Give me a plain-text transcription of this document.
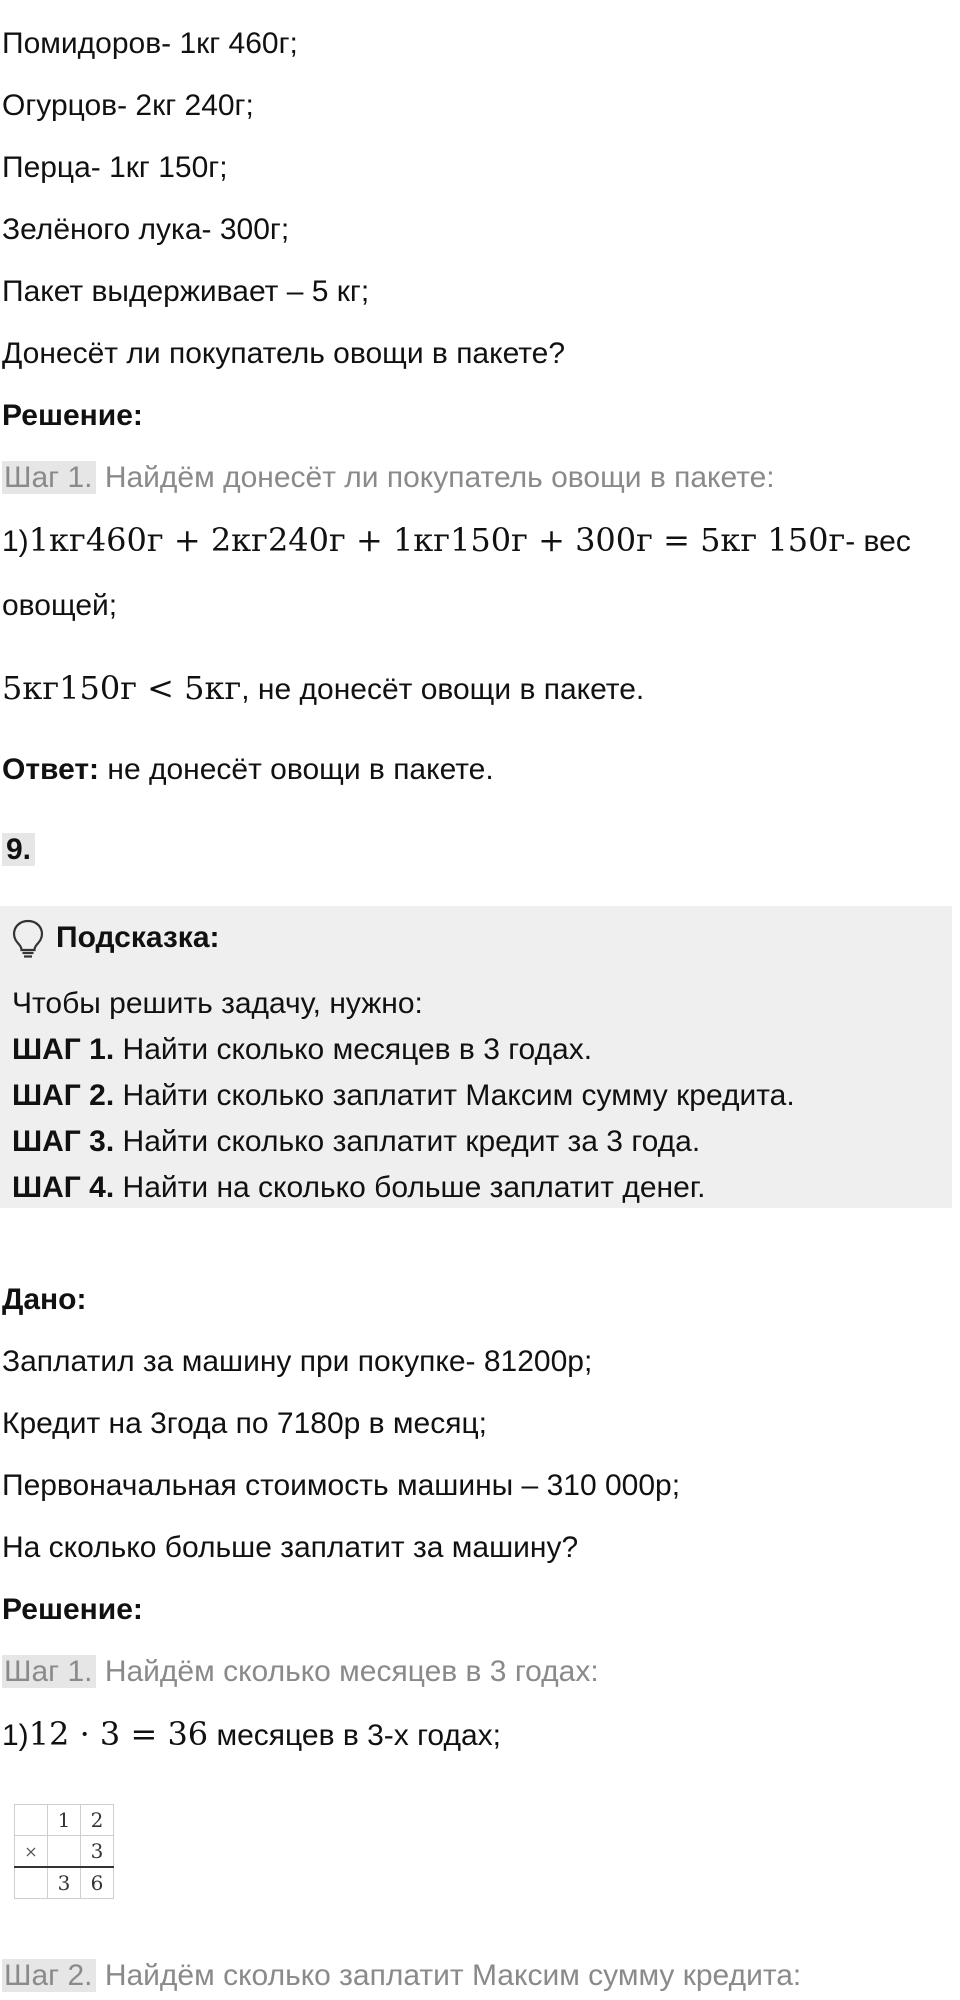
Помидоров- 1кг 460г;
Огурцов- 2кг 240г;
Перца- 1кг 150г;
Зелёного лука- 300г;
Пакет выдерживает – 5 кг;
Донесёт ли покупатель овощи в пакете?
Решение:
Шаг 1. Найдём донесёт ли покупатель овощи в пакете:
1)1кг460г + 2кг240г + 1кг150г + 300г = 5кг 150г- вес
овощей;
5кг150г < 5кг, не донесёт овощи в пакете.
Ответ: не донесёт овощи в пакете.
9.
Подсказка:
Чтобы решить задачу, нужно:
ШАГ 1. Найти сколько месяцев в 3 годах.
ШАГ 2. Найти сколько заплатит Максим сумму кредита.
ШАГ 3. Найти сколько заплатит кредит за 3 года.
ШАГ 4. Найти на сколько больше заплатит денег.
Дано:
Заплатил за машину при покупке- 81200р;
Кредит на 3года по 7180р в месяц;
Первоначальная стоимость машины – 310 000р;
На сколько больше заплатит за машину?
Решение:
Шаг 1. Найдём сколько месяцев в 3 годах:
1)12 · 3 = 36 месяцев в 3-х годах;
	1	2
×		3
	3	6
Шаг 2. Найдём сколько заплатит Максим сумму кредита:
